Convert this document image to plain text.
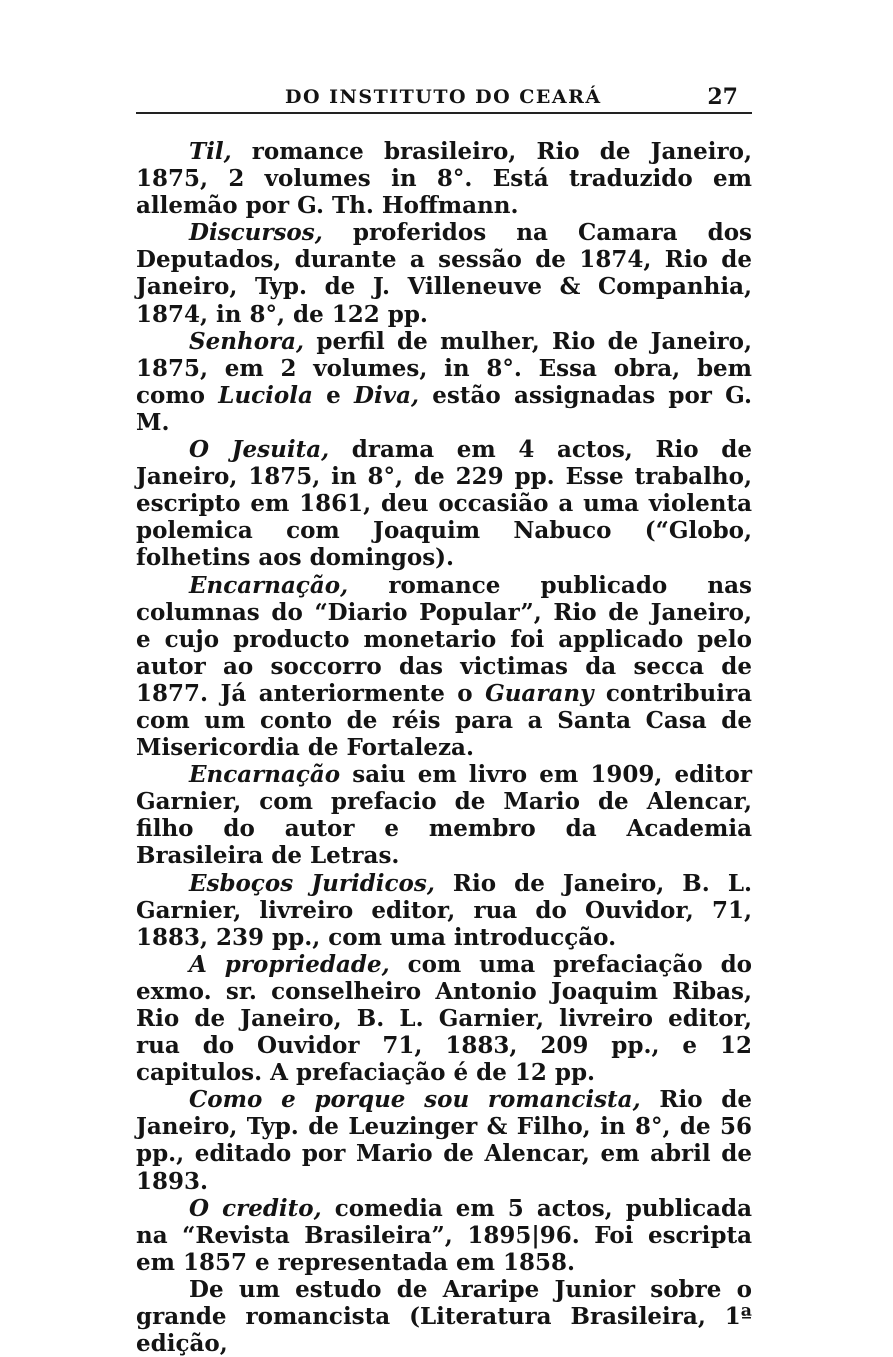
DO INSTITUTO DO CEARÁ	27

Til, romance brasileiro, Rio de Janeiro, 1875, 2 volumes in 8°. Está traduzido em allemão por G. Th. Hoffmann.

Discursos, proferidos na Camara dos Deputados, durante a sessão de 1874, Rio de Janeiro, Typ. de J. Villeneuve & Companhia, 1874, in 8°, de 122 pp.

Senhora, perfil de mulher, Rio de Janeiro, 1875, em 2 volumes, in 8°. Essa obra, bem como Luciola e Diva, estão assignadas por G. M.

O Jesuita, drama em 4 actos, Rio de Janeiro, 1875, in 8°, de 229 pp. Esse trabalho, escripto em 1861, deu occasião a uma violenta polemica com Joaquim Nabuco (“Globo, folhetins aos domingos).

Encarnação, romance publicado nas columnas do “Diario Popular”, Rio de Janeiro, e cujo producto monetario foi applicado pelo autor ao soccorro das victimas da secca de 1877. Já anteriormente o Guarany contribuira com um conto de réis para a Santa Casa de Misericordia de Fortaleza.

Encarnação saiu em livro em 1909, editor Garnier, com prefacio de Mario de Alencar, filho do autor e membro da Academia Brasileira de Letras.

Esboços Juridicos, Rio de Janeiro, B. L. Garnier, livreiro editor, rua do Ouvidor, 71, 1883, 239 pp., com uma introducção.

A propriedade, com uma prefaciação do exmo. sr. conselheiro Antonio Joaquim Ribas, Rio de Janeiro, B. L. Garnier, livreiro editor, rua do Ouvidor 71, 1883, 209 pp., e 12 capitulos. A prefaciação é de 12 pp.

Como e porque sou romancista, Rio de Janeiro, Typ. de Leuzinger & Filho, in 8°, de 56 pp., editado por Mario de Alencar, em abril de 1893.

O credito, comedia em 5 actos, publicada na “Revista Brasileira”, 1895|96. Foi escripta em 1857 e representada em 1858.

De um estudo de Araripe Junior sobre o grande romancista (Literatura Brasileira, 1ª edição,
